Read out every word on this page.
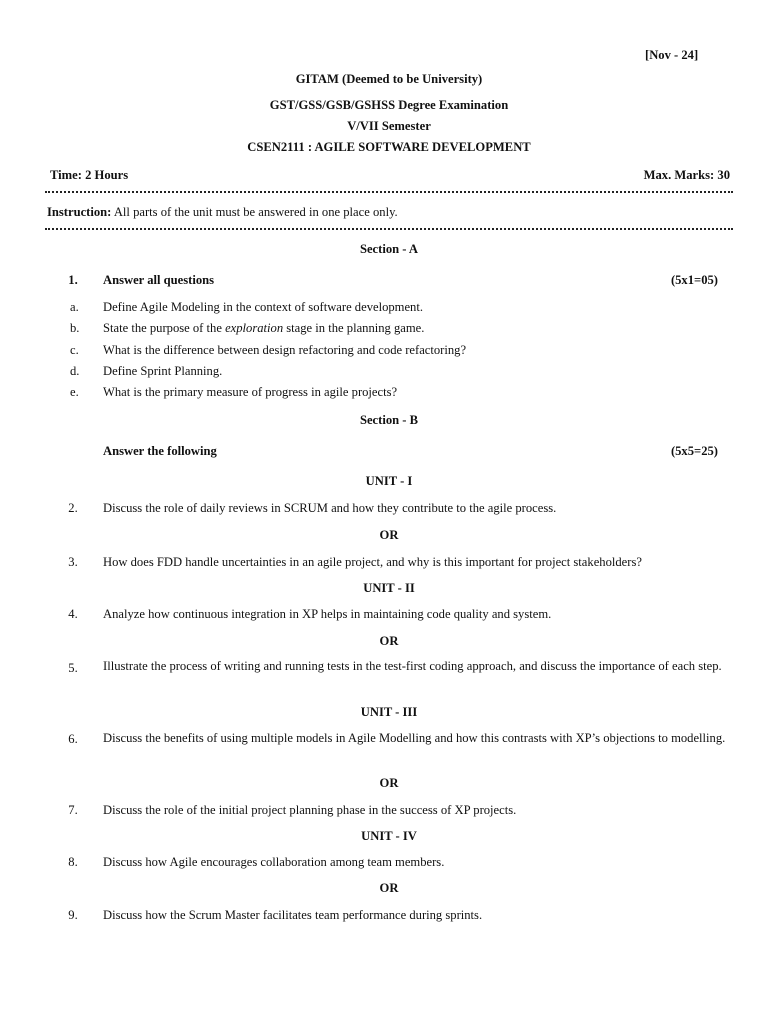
[Nov - 24]
GITAM (Deemed to be University)
GST/GSS/GSB/GSHSS Degree Examination
V/VII Semester
CSEN2111 : AGILE SOFTWARE DEVELOPMENT
Time: 2 Hours	Max. Marks: 30
Instruction: All parts of the unit must be answered in one place only.
Section - A
1.	Answer all questions	(5x1=05)
a. Define Agile Modeling in the context of software development.
b. State the purpose of the exploration stage in the planning game.
c. What is the difference between design refactoring and code refactoring?
d. Define Sprint Planning.
e. What is the primary measure of progress in agile projects?
Section - B
Answer the following	(5x5=25)
UNIT - I
2.	Discuss the role of daily reviews in SCRUM and how they contribute to the agile process.
OR
3.	How does FDD handle uncertainties in an agile project, and why is this important for project stakeholders?
UNIT - II
4.	Analyze how continuous integration in XP helps in maintaining code quality and system.
OR
5.	Illustrate the process of writing and running tests in the test-first coding approach, and discuss the importance of each step.
UNIT - III
6.	Discuss the benefits of using multiple models in Agile Modelling and how this contrasts with XP’s objections to modelling.
OR
7.	Discuss the role of the initial project planning phase in the success of XP projects.
UNIT - IV
8.	Discuss how Agile encourages collaboration among team members.
OR
9.	Discuss how the Scrum Master facilitates team performance during sprints.
